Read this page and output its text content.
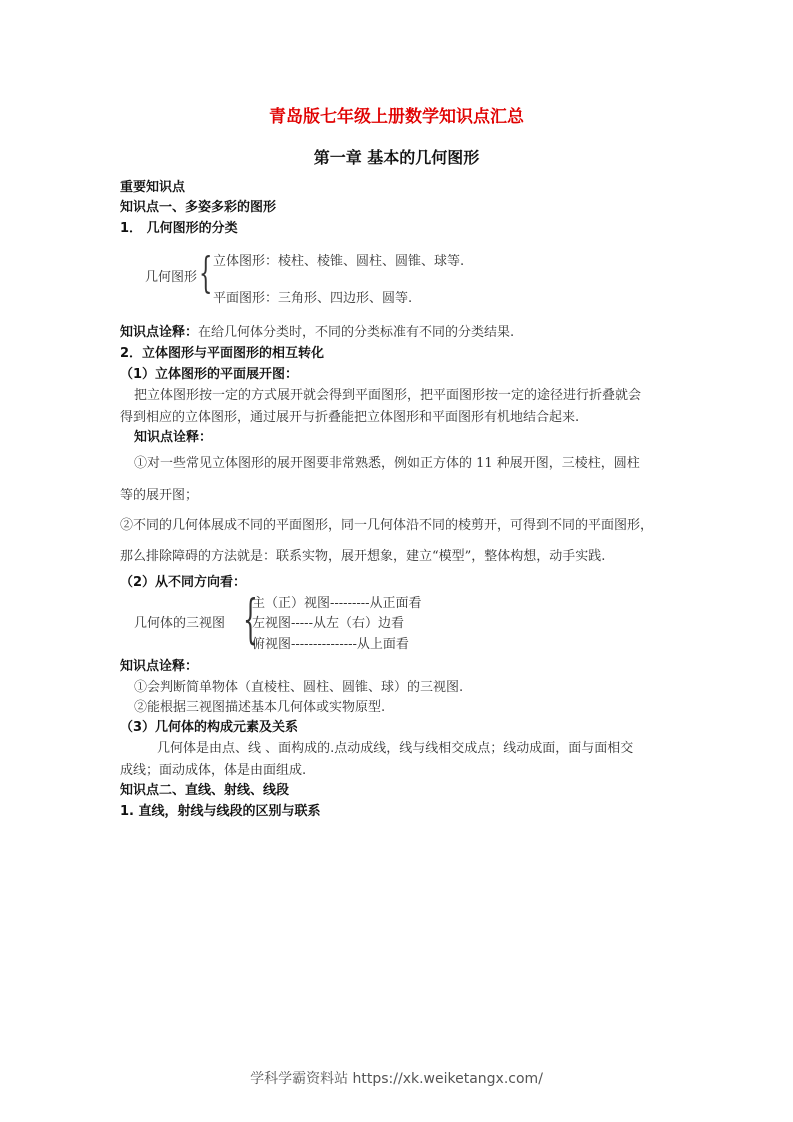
青岛版七年级上册数学知识点汇总
第一章 基本的几何图形
重要知识点
知识点一、多姿多彩的图形
1． 几何图形的分类
几何图形 { 立体图形：棱柱、棱锥、圆柱、圆锥、球等.
平面图形：三角形、四边形、圆等.
知识点诠释：在给几何体分类时，不同的分类标准有不同的分类结果.
2．立体图形与平面图形的相互转化
（1）立体图形的平面展开图：
把立体图形按一定的方式展开就会得到平面图形，把平面图形按一定的途径进行折叠就会
得到相应的立体图形，通过展开与折叠能把立体图形和平面图形有机地结合起来.
知识点诠释：
①对一些常见立体图形的展开图要非常熟悉，例如正方体的 11 种展开图，三棱柱，圆柱
等的展开图；
②不同的几何体展成不同的平面图形，同一几何体沿不同的棱剪开，可得到不同的平面图形，
那么排除障碍的方法就是：联系实物，展开想象，建立“模型”，整体构想，动手实践.
（2）从不同方向看：
几何体的三视图 {
主（正）视图---------从正面看
左视图-----从左（右）边看
俯视图---------------从上面看
知识点诠释：
①会判断简单物体（直棱柱、圆柱、圆锥、球）的三视图.
②能根据三视图描述基本几何体或实物原型.
（3）几何体的构成元素及关系
几何体是由点、线 、面构成的.点动成线，线与线相交成点；线动成面，面与面相交
成线；面动成体，体是由面组成.
知识点二、直线、射线、线段
1. 直线，射线与线段的区别与联系
学科学霸资料站 https://xk.weiketangx.com/
